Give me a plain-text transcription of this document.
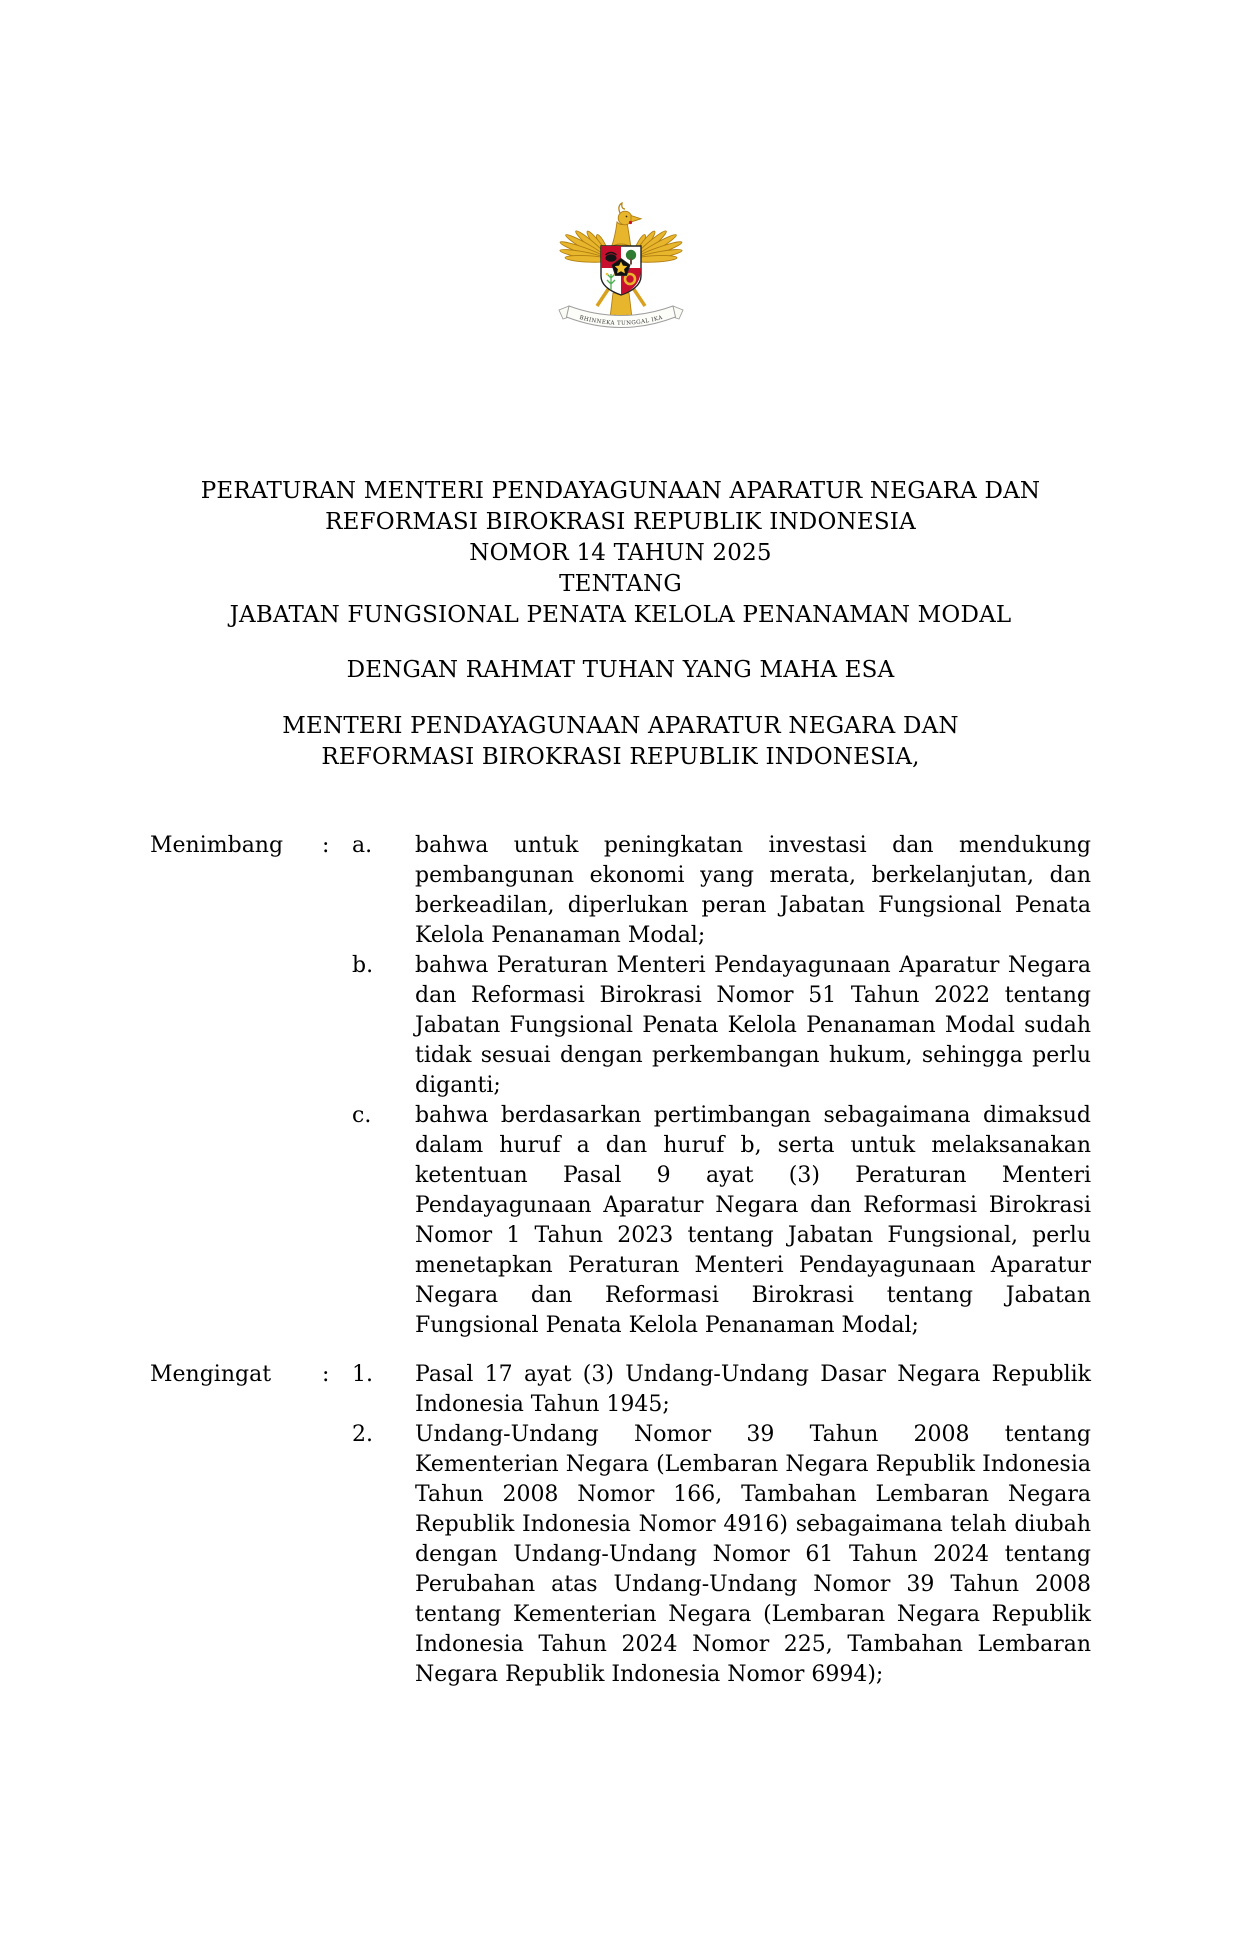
BHINNEKA TUNGGAL IKA
PERATURAN MENTERI PENDAYAGUNAAN APARATUR NEGARA DAN
REFORMASI BIROKRASI REPUBLIK INDONESIA
NOMOR 14 TAHUN 2025
TENTANG
JABATAN FUNGSIONAL PENATA KELOLA PENANAMAN MODAL
DENGAN RAHMAT TUHAN YANG MAHA ESA
MENTERI PENDAYAGUNAAN APARATUR NEGARA DAN
REFORMASI BIROKRASI REPUBLIK INDONESIA,
Menimbang	:	a.	bahwa untuk peningkatan investasi dan mendukung pembangunan ekonomi yang merata, berkelanjutan, dan berkeadilan, diperlukan peran Jabatan Fungsional Penata Kelola Penanaman Modal;
b.	bahwa Peraturan Menteri Pendayagunaan Aparatur Negara dan Reformasi Birokrasi Nomor 51 Tahun 2022 tentang Jabatan Fungsional Penata Kelola Penanaman Modal sudah tidak sesuai dengan perkembangan hukum, sehingga perlu diganti;
c.	bahwa berdasarkan pertimbangan sebagaimana dimaksud dalam huruf a dan huruf b, serta untuk melaksanakan ketentuan Pasal 9 ayat (3) Peraturan Menteri Pendayagunaan Aparatur Negara dan Reformasi Birokrasi Nomor 1 Tahun 2023 tentang Jabatan Fungsional, perlu menetapkan Peraturan Menteri Pendayagunaan Aparatur Negara dan Reformasi Birokrasi tentang Jabatan Fungsional Penata Kelola Penanaman Modal;
Mengingat	:	1.	Pasal 17 ayat (3) Undang-Undang Dasar Negara Republik Indonesia Tahun 1945;
2.	Undang-Undang Nomor 39 Tahun 2008 tentang Kementerian Negara (Lembaran Negara Republik Indonesia Tahun 2008 Nomor 166, Tambahan Lembaran Negara Republik Indonesia Nomor 4916) sebagaimana telah diubah dengan Undang-Undang Nomor 61 Tahun 2024 tentang Perubahan atas Undang-Undang Nomor 39 Tahun 2008 tentang Kementerian Negara (Lembaran Negara Republik Indonesia Tahun 2024 Nomor 225, Tambahan Lembaran Negara Republik Indonesia Nomor 6994);
